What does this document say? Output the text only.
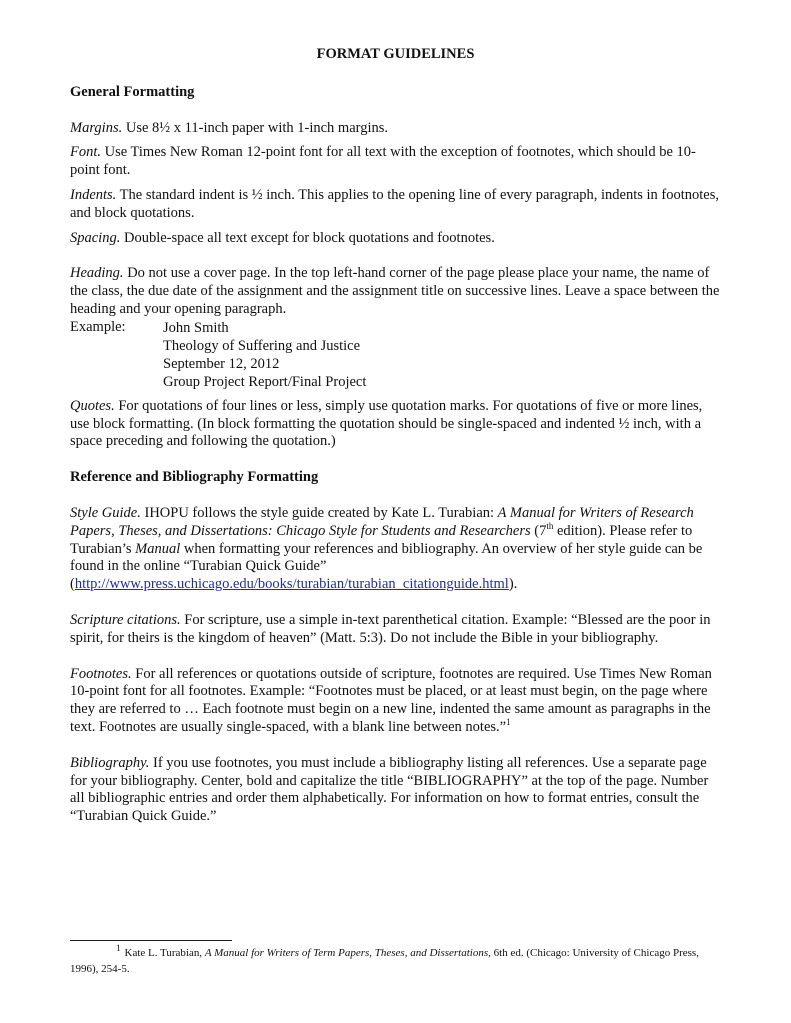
FORMAT GUIDELINES
General Formatting

Margins. Use 8½ x 11-inch paper with 1-inch margins.

Font. Use Times New Roman 12-point font for all text with the exception of footnotes, which should be 10-point font.

Indents. The standard indent is ½ inch. This applies to the opening line of every paragraph, indents in footnotes, and block quotations.

Spacing. Double-space all text except for block quotations and footnotes.

Heading. Do not use a cover page. In the top left-hand corner of the page please place your name, the name of the class, the due date of the assignment and the assignment title on successive lines. Leave a space between the heading and your opening paragraph.

Example:	John Smith
Theology of Suffering and Justice
September 12, 2012
Group Project Report/Final Project

Quotes. For quotations of four lines or less, simply use quotation marks. For quotations of five or more lines, use block formatting. (In block formatting the quotation should be single-spaced and indented ½ inch, with a space preceding and following the quotation.)

Reference and Bibliography Formatting

Style Guide. IHOPU follows the style guide created by Kate L. Turabian: A Manual for Writers of Research Papers, Theses, and Dissertations: Chicago Style for Students and Researchers (7th edition). Please refer to Turabian’s Manual when formatting your references and bibliography. An overview of her style guide can be found in the online “Turabian Quick Guide” (http://www.press.uchicago.edu/books/turabian/turabian_citationguide.html).

Scripture citations. For scripture, use a simple in-text parenthetical citation. Example: “Blessed are the poor in spirit, for theirs is the kingdom of heaven” (Matt. 5:3). Do not include the Bible in your bibliography.

Footnotes. For all references or quotations outside of scripture, footnotes are required. Use Times New Roman 10-point font for all footnotes. Example: “Footnotes must be placed, or at least must begin, on the page where they are referred to … Each footnote must begin on a new line, indented the same amount as paragraphs in the text. Footnotes are usually single-spaced, with a blank line between notes.”$^1$

Bibliography. If you use footnotes, you must include a bibliography listing all references. Use a separate page for your bibliography. Center, bold and capitalize the title “BIBLIOGRAPHY” at the top of the page. Number all bibliographic entries and order them alphabetically. For information on how to format entries, consult the “Turabian Quick Guide.”

$^1$ Kate L. Turabian, A Manual for Writers of Term Papers, Theses, and Dissertations, 6th ed. (Chicago: University of Chicago Press, 1996), 254-5.
